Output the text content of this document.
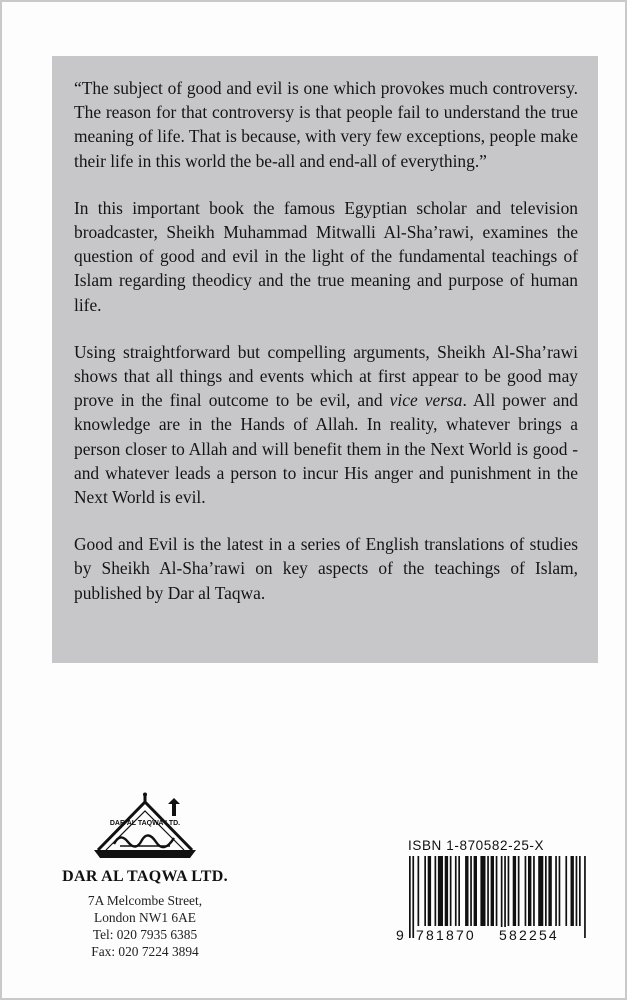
“The subject of good and evil is one which provokes much controversy. The reason for that controversy is that people fail to understand the true meaning of life. That is because, with very few exceptions, people make their life in this world the be-all and end-all of everything.”

In this important book the famous Egyptian scholar and television broadcaster, Sheikh Muhammad Mitwalli Al-Sha’rawi, examines the question of good and evil in the light of the fundamental teachings of Islam regarding theodicy and the true meaning and purpose of human life.

Using straightforward but compelling arguments, Sheikh Al-Sha’rawi shows that all things and events which at first appear to be good may prove in the final outcome to be evil, and vice versa. All power and knowledge are in the Hands of Allah. In reality, whatever brings a person closer to Allah and will benefit them in the Next World is good - and whatever leads a person to incur His anger and punishment in the Next World is evil.

Good and Evil is the latest in a series of English translations of studies by Sheikh Al-Sha’rawi on key aspects of the teachings of Islam, published by Dar al Taqwa.

DAR AL TAQWA LTD.
DAR AL TAQWA LTD.
7A Melcombe Street,
London NW1 6AE
Tel: 020 7935 6385
Fax: 020 7224 3894
ISBN 1-870582-25-X
9 781870 582254
